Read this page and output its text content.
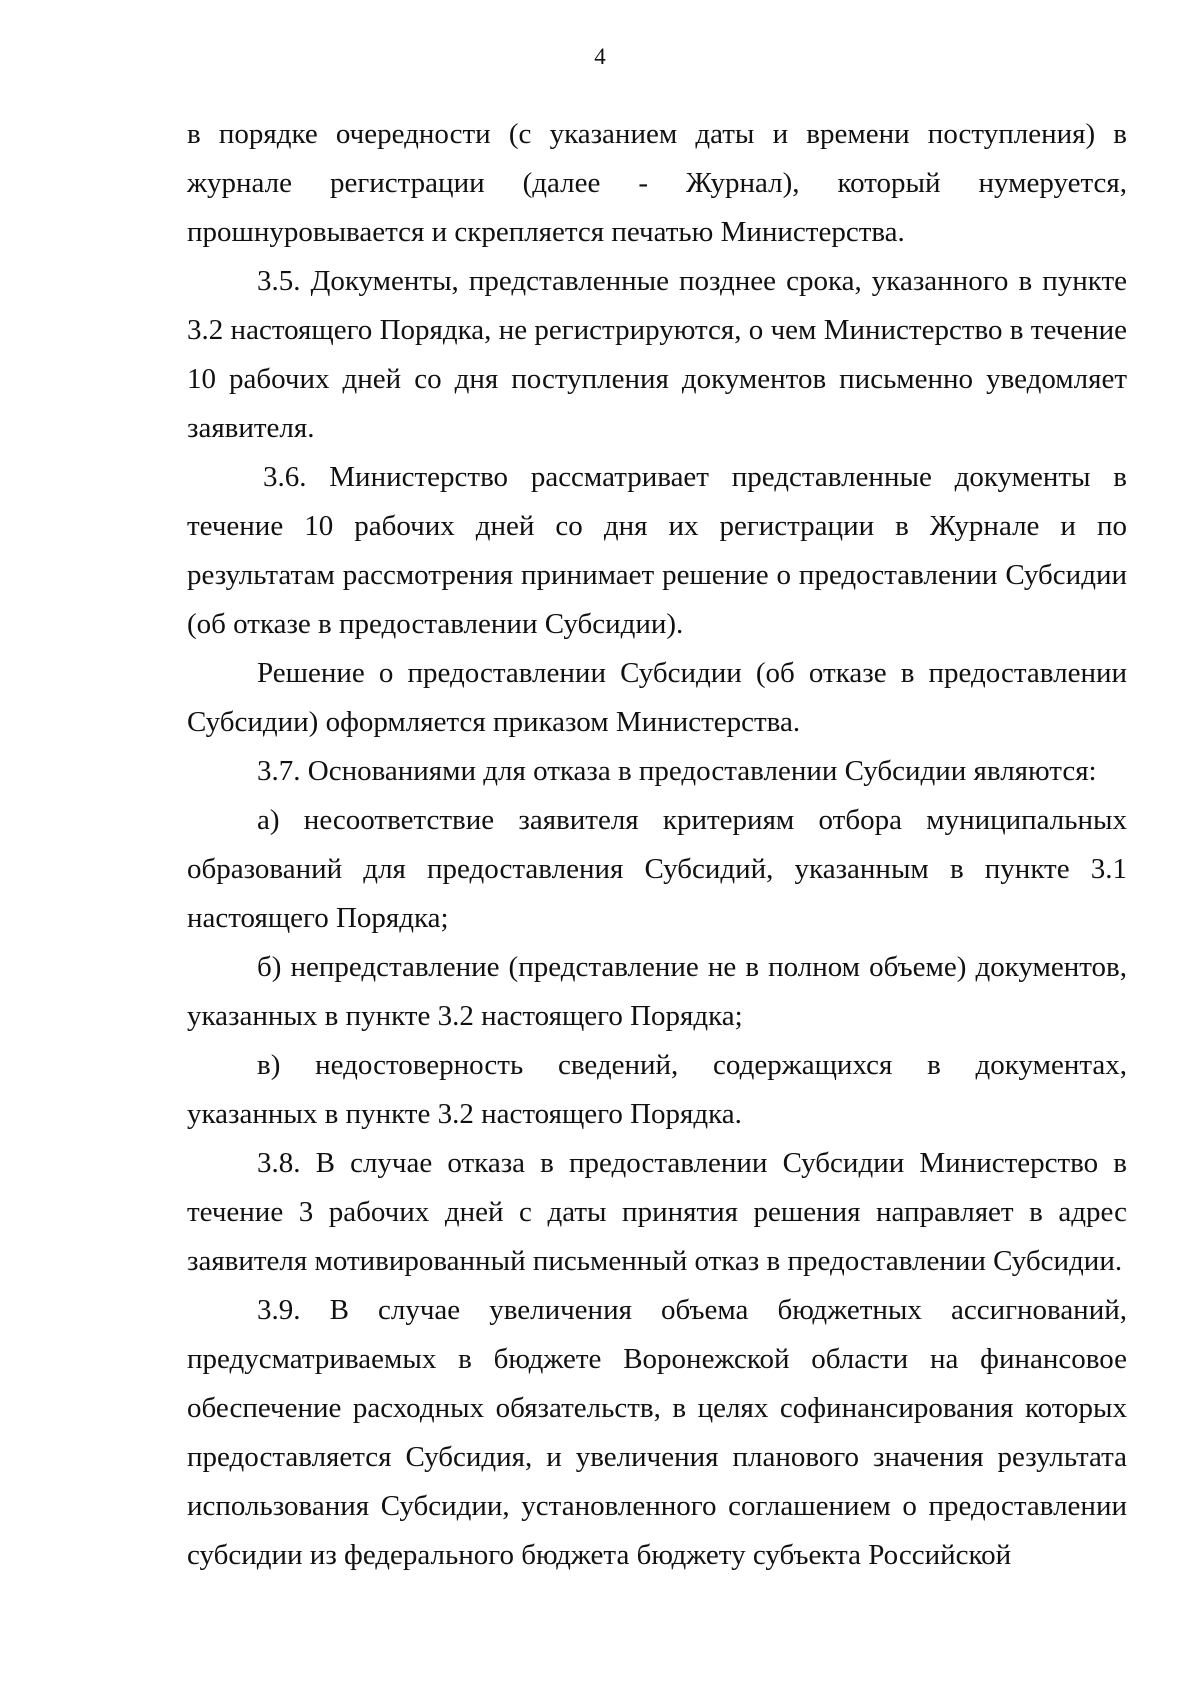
4

в порядке очередности (с указанием даты и времени поступления) в журнале регистрации (далее - Журнал), который нумеруется, прошнуровывается и скрепляется печатью Министерства.

3.5. Документы, представленные позднее срока, указанного в пункте 3.2 настоящего Порядка, не регистрируются, о чем Министерство в течение 10 рабочих дней со дня поступления документов письменно уведомляет заявителя.

3.6. Министерство рассматривает представленные документы в течение 10 рабочих дней со дня их регистрации в Журнале и по результатам рассмотрения принимает решение о предоставлении Субсидии (об отказе в предоставлении Субсидии).

Решение о предоставлении Субсидии (об отказе в предоставлении Субсидии) оформляется приказом Министерства.

3.7. Основаниями для отказа в предоставлении Субсидии являются:

а) несоответствие заявителя критериям отбора муниципальных образований для предоставления Субсидий, указанным в пункте 3.1 настоящего Порядка;

б) непредставление (представление не в полном объеме) документов, указанных в пункте 3.2 настоящего Порядка;

в) недостоверность сведений, содержащихся в документах, указанных в пункте 3.2 настоящего Порядка.

3.8. В случае отказа в предоставлении Субсидии Министерство в течение 3 рабочих дней с даты принятия решения направляет в адрес заявителя мотивированный письменный отказ в предоставлении Субсидии.

3.9. В случае увеличения объема бюджетных ассигнований, предусматриваемых в бюджете Воронежской области на финансовое обеспечение расходных обязательств, в целях софинансирования которых предоставляется Субсидия, и увеличения планового значения результата использования Субсидии, установленного соглашением о предоставлении субсидии из федерального бюджета бюджету субъекта Российской
